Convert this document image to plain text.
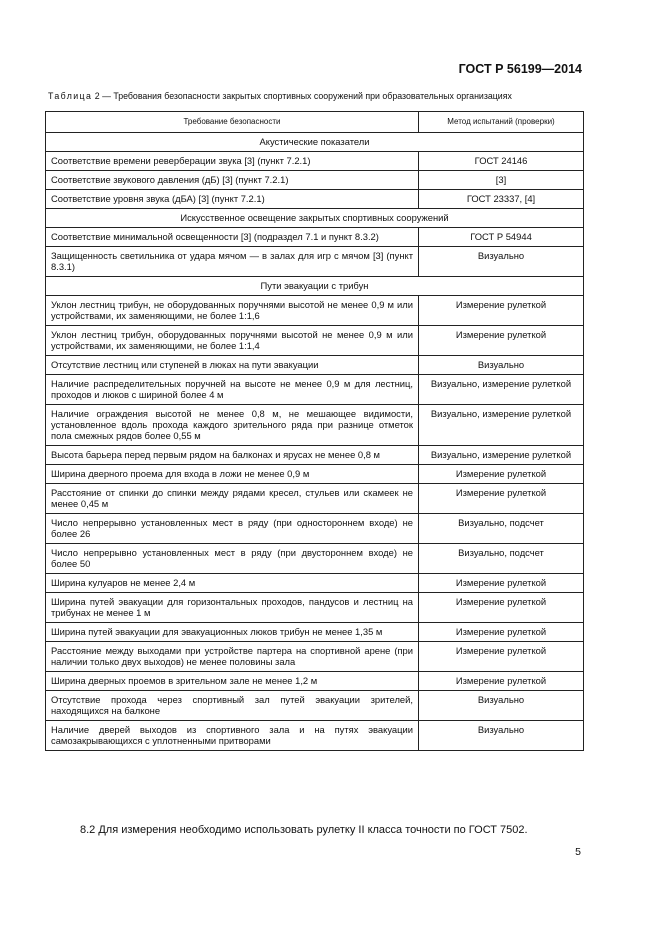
ГОСТ Р 56199—2014
Таблица 2 — Требования безопасности закрытых спортивных сооружений при образовательных организациях
Требование безопасности	Метод испытаний (проверки)
Акустические показатели	
Соответствие времени реверберации звука [3] (пункт 7.2.1)	ГОСТ 24146
Соответствие звукового давления (дБ) [3] (пункт 7.2.1)	[3]
Соответствие уровня звука (дБА) [3] (пункт 7.2.1)	ГОСТ 23337, [4]
Искусственное освещение закрытых спортивных сооружений	
Соответствие минимальной освещенности [3] (подраздел 7.1 и пункт 8.3.2)	ГОСТ Р 54944
Защищенность светильника от удара мячом — в залах для игр с мячом [3] (пункт 8.3.1)	Визуально
Пути эвакуации с трибун	
Уклон лестниц трибун, не оборудованных поручнями высотой не менее 0,9 м или устройствами, их заменяющими, не более 1:1,6	Измерение рулеткой
Уклон лестниц трибун, оборудованных поручнями высотой не менее 0,9 м или устройствами, их заменяющими, не более 1:1,4	Измерение рулеткой
Отсутствие лестниц или ступеней в люках на пути эвакуации	Визуально
Наличие распределительных поручней на высоте не менее 0,9 м для лестниц, проходов и люков с шириной более 4 м	Визуально, измерение рулеткой
Наличие ограждения высотой не менее 0,8 м, не мешающее видимости, установленное вдоль прохода каждого зрительного ряда при разнице отметок пола смежных рядов более 0,55 м	Визуально, измерение рулеткой
Высота барьера перед первым рядом на балконах и ярусах не менее 0,8 м	Визуально, измерение рулеткой
Ширина дверного проема для входа в ложи не менее 0,9 м	Измерение рулеткой
Расстояние от спинки до спинки между рядами кресел, стульев или скамеек не менее 0,45 м	Измерение рулеткой
Число непрерывно установленных мест в ряду (при одностороннем входе) не более 26	Визуально, подсчет
Число непрерывно установленных мест в ряду (при двустороннем входе) не более 50	Визуально, подсчет
Ширина кулуаров не менее 2,4 м	Измерение рулеткой
Ширина путей эвакуации для горизонтальных проходов, пандусов и лестниц на трибунах не менее 1 м	Измерение рулеткой
Ширина путей эвакуации для эвакуационных люков трибун не менее 1,35 м	Измерение рулеткой
Расстояние между выходами при устройстве партера на спортивной арене (при наличии только двух выходов) не менее половины зала	Измерение рулеткой
Ширина дверных проемов в зрительном зале не менее 1,2 м	Измерение рулеткой
Отсутствие прохода через спортивный зал путей эвакуации зрителей, находящихся на балконе	Визуально
Наличие дверей выходов из спортивного зала и на путях эвакуации самозакрывающихся с уплотненными притворами	Визуально
8.2 Для измерения необходимо использовать рулетку II класса точности по ГОСТ 7502.
5
